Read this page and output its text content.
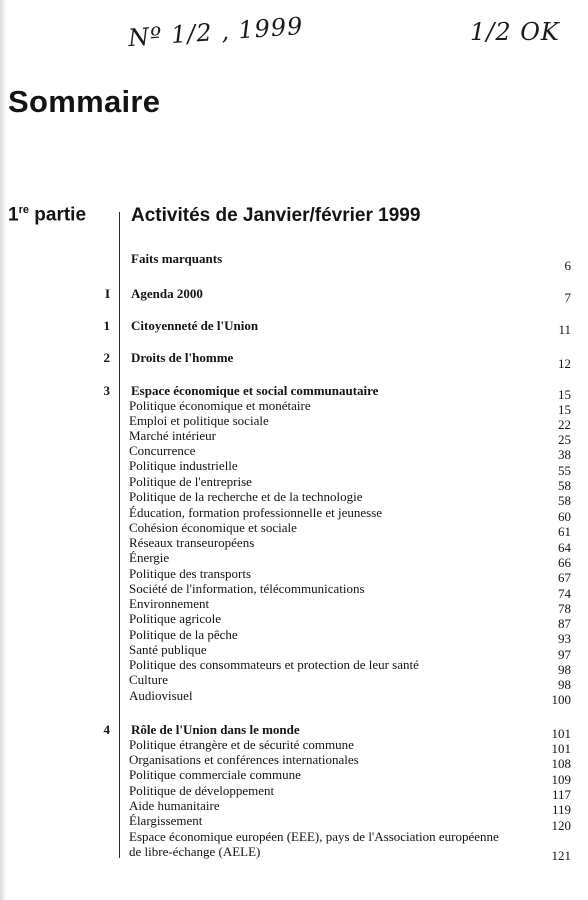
Nº 1/2 , 1999	1/2 OK
Sommaire
1re partie Activités de Janvier/février 1999
Faits marquants	6
I Agenda 2000	7
1 Citoyenneté de l'Union	11
2 Droits de l'homme	12
3 Espace économique et social communautaire	15
Politique économique et monétaire	15
Emploi et politique sociale	22
Marché intérieur	25
Concurrence	38
Politique industrielle	55
Politique de l'entreprise	58
Politique de la recherche et de la technologie	58
Éducation, formation professionnelle et jeunesse	60
Cohésion économique et sociale	61
Réseaux transeuropéens	64
Énergie	66
Politique des transports	67
Société de l'information, télécommunications	74
Environnement	78
Politique agricole	87
Politique de la pêche	93
Santé publique	97
Politique des consommateurs et protection de leur santé	98
Culture	98
Audiovisuel	100
4 Rôle de l'Union dans le monde	101
Politique étrangère et de sécurité commune	101
Organisations et conférences internationales	108
Politique commerciale commune	109
Politique de développement	117
Aide humanitaire	119
Élargissement	120
Espace économique européen (EEE), pays de l'Association européenne
de libre-échange (AELE)	121
